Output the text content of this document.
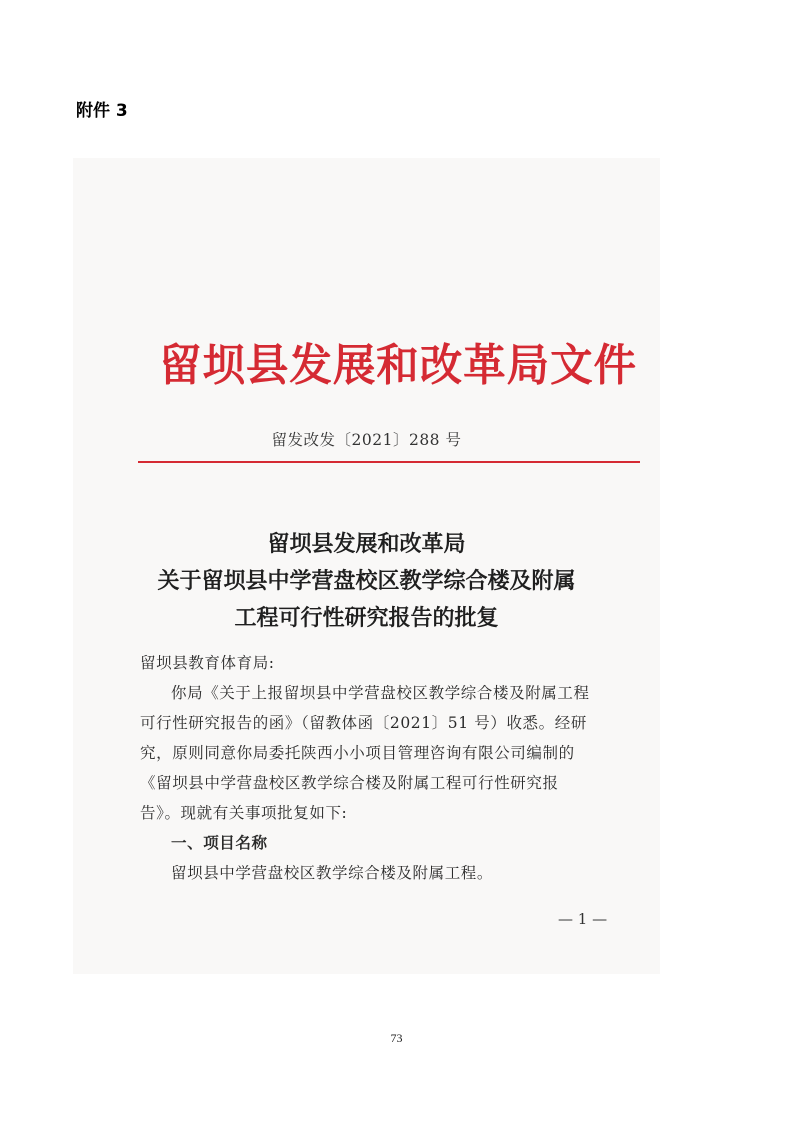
附件 3
留坝县发展和改革局文件
留发改发〔2021〕288 号
留坝县发展和改革局
关于留坝县中学营盘校区教学综合楼及附属
工程可行性研究报告的批复

留坝县教育体育局:

你局《关于上报留坝县中学营盘校区教学综合楼及附属工程

可行性研究报告的函》（留教体函〔2021〕51 号）收悉。经研

究，原则同意你局委托陕西小小项目管理咨询有限公司编制的

《留坝县中学营盘校区教学综合楼及附属工程可行性研究报

告》。现就有关事项批复如下:

一、项目名称

留坝县中学营盘校区教学综合楼及附属工程。

— 1 —
73
